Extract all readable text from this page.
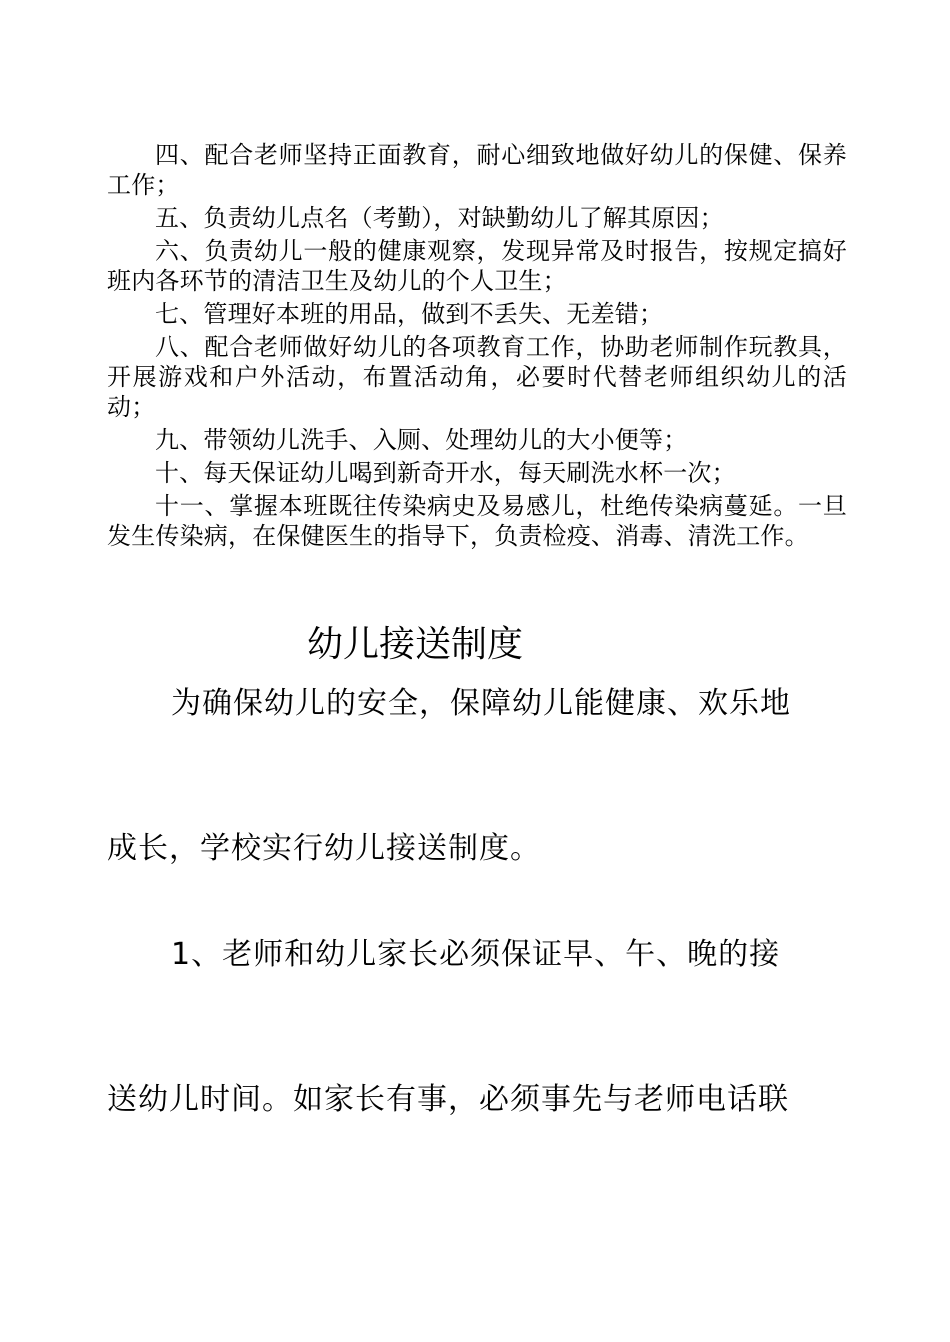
四、配合老师坚持正面教育，耐心细致地做好幼儿的保健、保养工作；

五、负责幼儿点名（考勤），对缺勤幼儿了解其原因；

六、负责幼儿一般的健康观察，发现异常及时报告，按规定搞好班内各环节的清洁卫生及幼儿的个人卫生；

七、管理好本班的用品，做到不丢失、无差错；

八、配合老师做好幼儿的各项教育工作，协助老师制作玩教具，开展游戏和户外活动，布置活动角，必要时代替老师组织幼儿的活动；

九、带领幼儿洗手、入厕、处理幼儿的大小便等；

十、每天保证幼儿喝到新奇开水，每天刷洗水杯一次；

十一、掌握本班既往传染病史及易感儿，杜绝传染病蔓延。一旦发生传染病，在保健医生的指导下，负责检疫、消毒、清洗工作。

幼儿接送制度
为确保幼儿的安全，保障幼儿能健康、欢乐地
成长，学校实行幼儿接送制度。
1、老师和幼儿家长必须保证早、午、晚的接
送幼儿时间。如家长有事，必须事先与老师电话联
